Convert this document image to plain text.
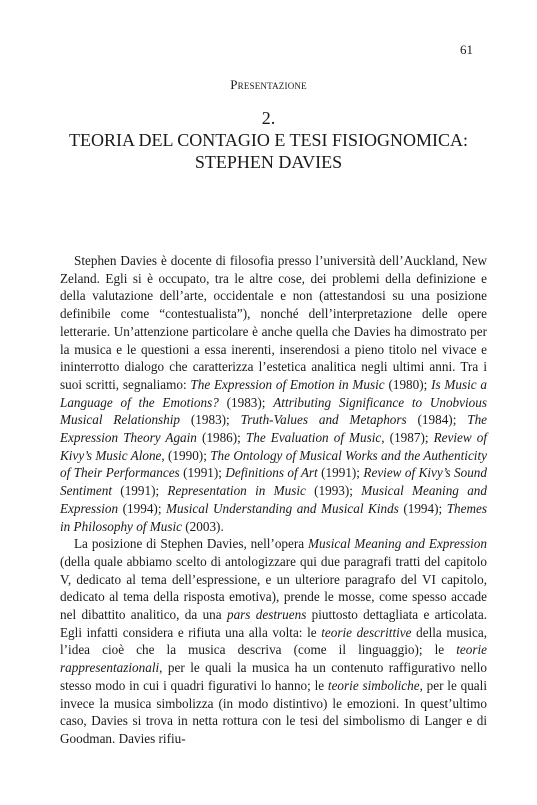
61
Presentazione
2.
TEORIA DEL CONTAGIO E TESI FISIOGNOMICA:
STEPHEN DAVIES

Stephen Davies è docente di filosofia presso l’università dell’Auckland, New Zeland. Egli si è occupato, tra le altre cose, dei problemi della definizione e della valutazione dell’arte, occidentale e non (attestandosi su una posizione definibile come “contestualista”), nonché dell’interpretazione delle opere letterarie. Un’attenzione particolare è anche quella che Davies ha dimostrato per la musica e le questioni a essa inerenti, inserendosi a pieno titolo nel vivace e ininterrotto dialogo che caratterizza l’estetica analitica negli ultimi anni. Tra i suoi scritti, segnaliamo: The Expression of Emotion in Music (1980); Is Music a Language of the Emotions? (1983); Attributing Significance to Unobvious Musical Relationship (1983); Truth-Values and Metaphors (1984); The Expression Theory Again (1986); The Evaluation of Music, (1987); Review of Kivy’s Music Alone, (1990); The Ontology of Musical Works and the Authenticity of Their Performances (1991); Definitions of Art (1991); Review of Kivy’s Sound Sentiment (1991); Representation in Music (1993); Musical Meaning and Expression (1994); Musical Understanding and Musical Kinds (1994); Themes in Philosophy of Music (2003).

La posizione di Stephen Davies, nell’opera Musical Meaning and Expression (della quale abbiamo scelto di antologizzare qui due paragrafi tratti del capitolo V, dedicato al tema dell’espressione, e un ulteriore paragrafo del VI capitolo, dedicato al tema della risposta emotiva), prende le mosse, come spesso accade nel dibattito analitico, da una pars destruens piuttosto dettagliata e articolata. Egli infatti considera e rifiuta una alla volta: le teorie descrittive della musica, l’idea cioè che la musica descriva (come il linguaggio); le teorie rappresentazionali, per le quali la musica ha un contenuto raffigurativo nello stesso modo in cui i quadri figurativi lo hanno; le teorie simboliche, per le quali invece la musica simbolizza (in modo distintivo) le emozioni. In quest’ultimo caso, Davies si trova in netta rottura con le tesi del simbolismo di Langer e di Goodman. Davies rifiu-
